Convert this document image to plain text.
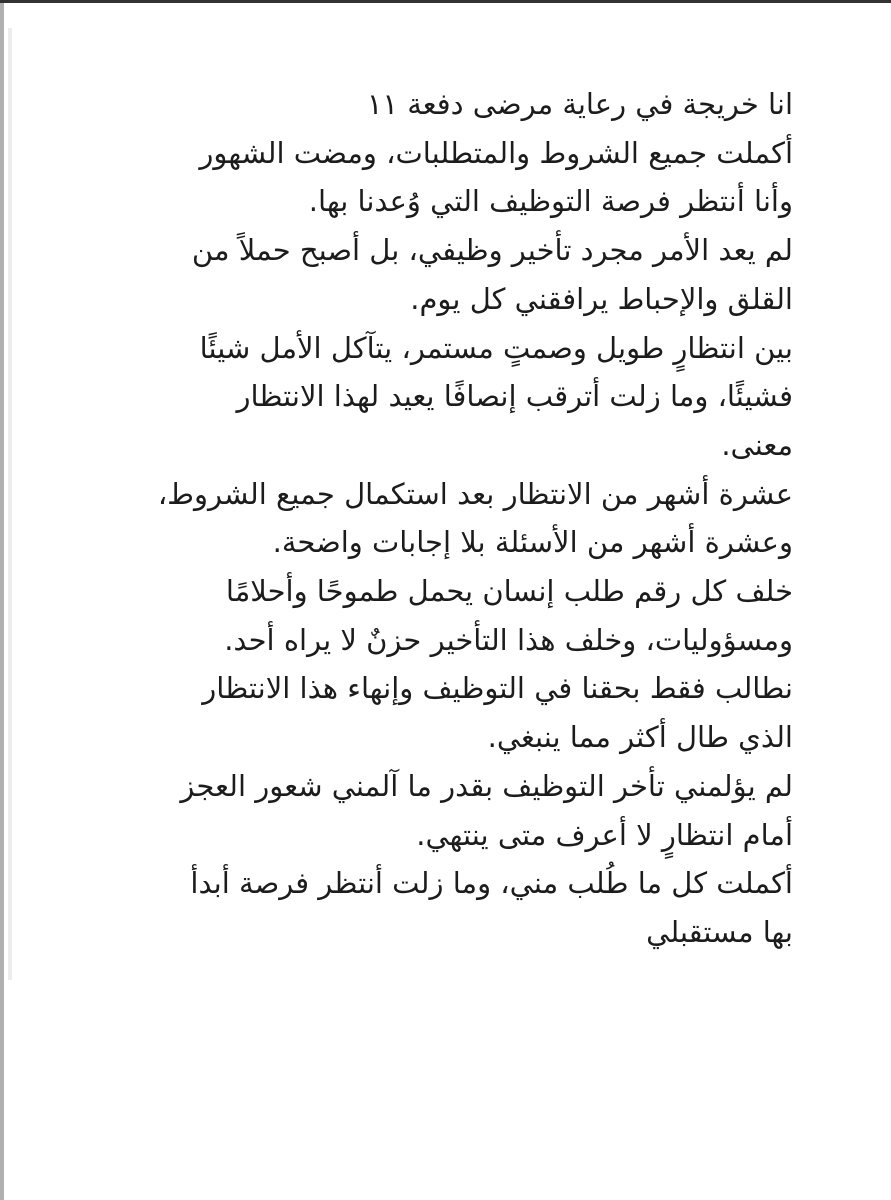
انا خريجة في رعاية مرضى دفعة ١١
أكملت جميع الشروط والمتطلبات، ومضت الشهور
وأنا أنتظر فرصة التوظيف التي وُعدنا بها.
لم يعد الأمر مجرد تأخير وظيفي، بل أصبح حملاً من
القلق والإحباط يرافقني كل يوم.
بين انتظارٍ طويل وصمتٍ مستمر، يتآكل الأمل شيئًا
فشيئًا، وما زلت أترقب إنصافًا يعيد لهذا الانتظار
معنى.
عشرة أشهر من الانتظار بعد استكمال جميع الشروط،
وعشرة أشهر من الأسئلة بلا إجابات واضحة.
خلف كل رقم طلب إنسان يحمل طموحًا وأحلامًا
ومسؤوليات، وخلف هذا التأخير حزنٌ لا يراه أحد.
نطالب فقط بحقنا في التوظيف وإنهاء هذا الانتظار
الذي طال أكثر مما ينبغي.
لم يؤلمني تأخر التوظيف بقدر ما آلمني شعور العجز
أمام انتظارٍ لا أعرف متى ينتهي.
أكملت كل ما طُلب مني، وما زلت أنتظر فرصة أبدأ
بها مستقبلي
